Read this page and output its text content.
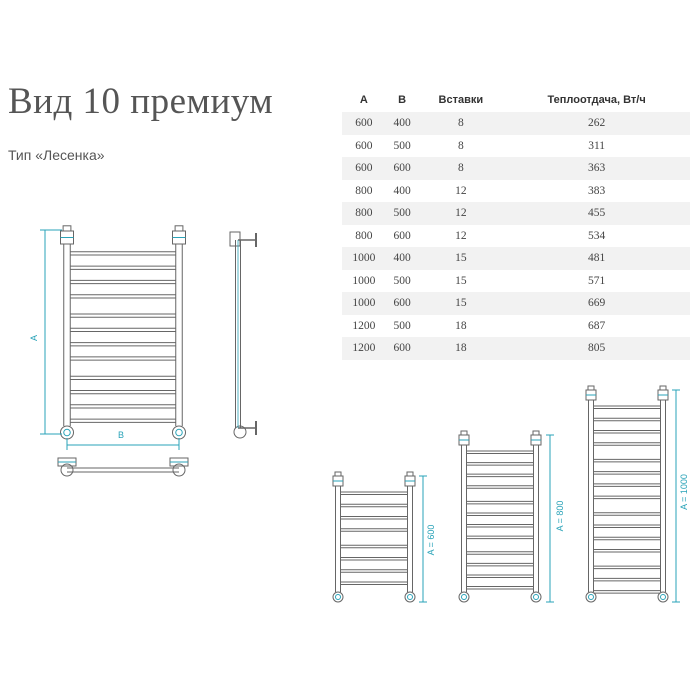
Вид 10 премиум
Тип «Лесенка»
A	B	Вставки	Теплоотдача, Вт/ч
600	400	8	262
600	500	8	311
600	600	8	363
800	400	12	383
800	500	12	455
800	600	12	534
1000	400	15	481
1000	500	15	571
1000	600	15	669
1200	500	18	687
1200	600	18	805
A
B
A = 600
A = 800
A = 1000
